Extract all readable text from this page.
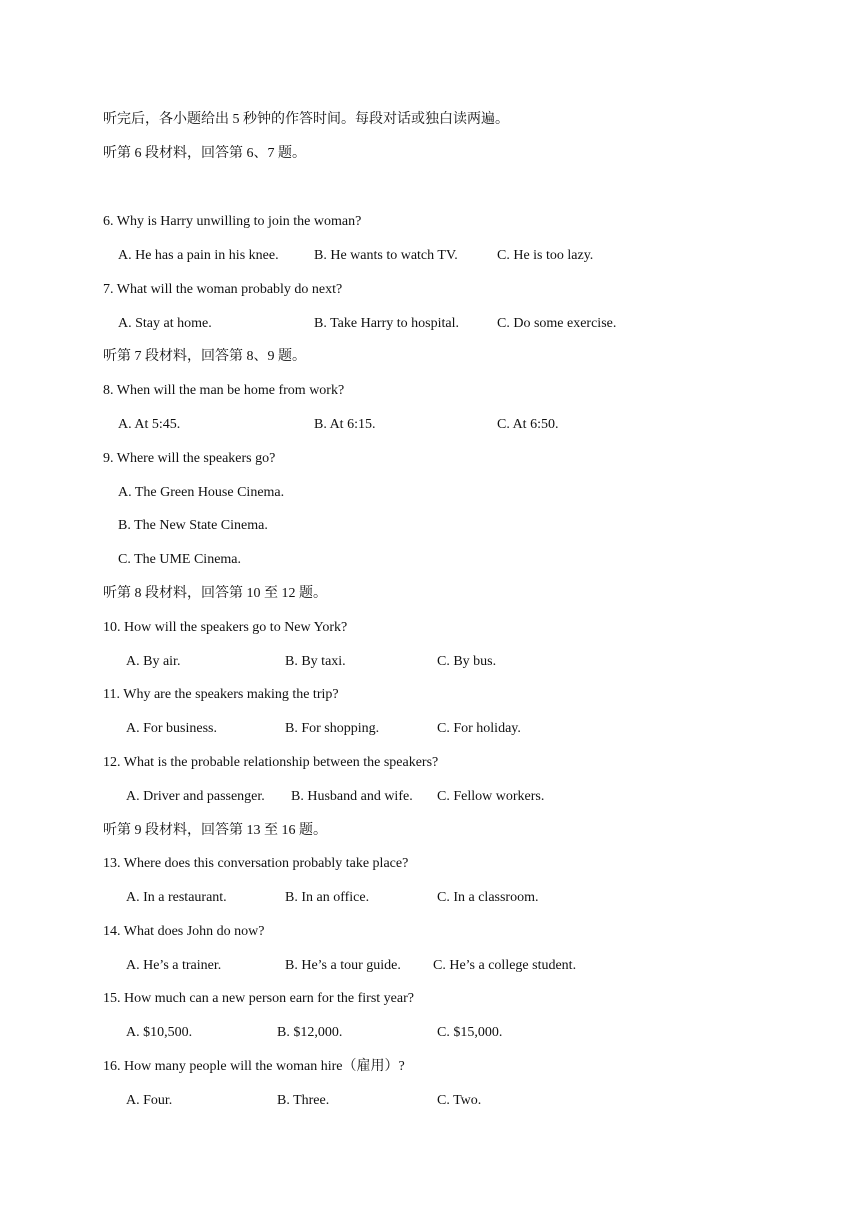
听完后，各小题给出 5 秒钟的作答时间。每段对话或独白读两遍。
听第 6 段材料，回答第 6、7 题。
6. Why is Harry unwilling to join the woman?
A. He has a pain in his knee.	B. He wants to watch TV.	C. He is too lazy.
7. What will the woman probably do next?
A. Stay at home.	B. Take Harry to hospital.	C. Do some exercise.
听第 7 段材料，回答第 8、9 题。
8. When will the man be home from work?
A. At 5:45.	B. At 6:15.	C. At 6:50.
9. Where will the speakers go?
A. The Green House Cinema.
B. The New State Cinema.
C. The UME Cinema.
听第 8 段材料，回答第 10 至 12 题。
10. How will the speakers go to New York?
A. By air.	B. By taxi.	C. By bus.
11. Why are the speakers making the trip?
A. For business.	B. For shopping.	C. For holiday.
12. What is the probable relationship between the speakers?
A. Driver and passenger. B. Husband and wife. C. Fellow workers.
听第 9 段材料，回答第 13 至 16 题。
13. Where does this conversation probably take place?
A. In a restaurant.	B. In an office.	C. In a classroom.
14. What does John do now?
A. He’s a trainer.	B. He’s a tour guide. C. He’s a college student.
15. How much can a new person earn for the first year?
A. $10,500.	B. $12,000.	C. $15,000.
16. How many people will the woman hire（雇用）?
A. Four.	B. Three.	C. Two.
